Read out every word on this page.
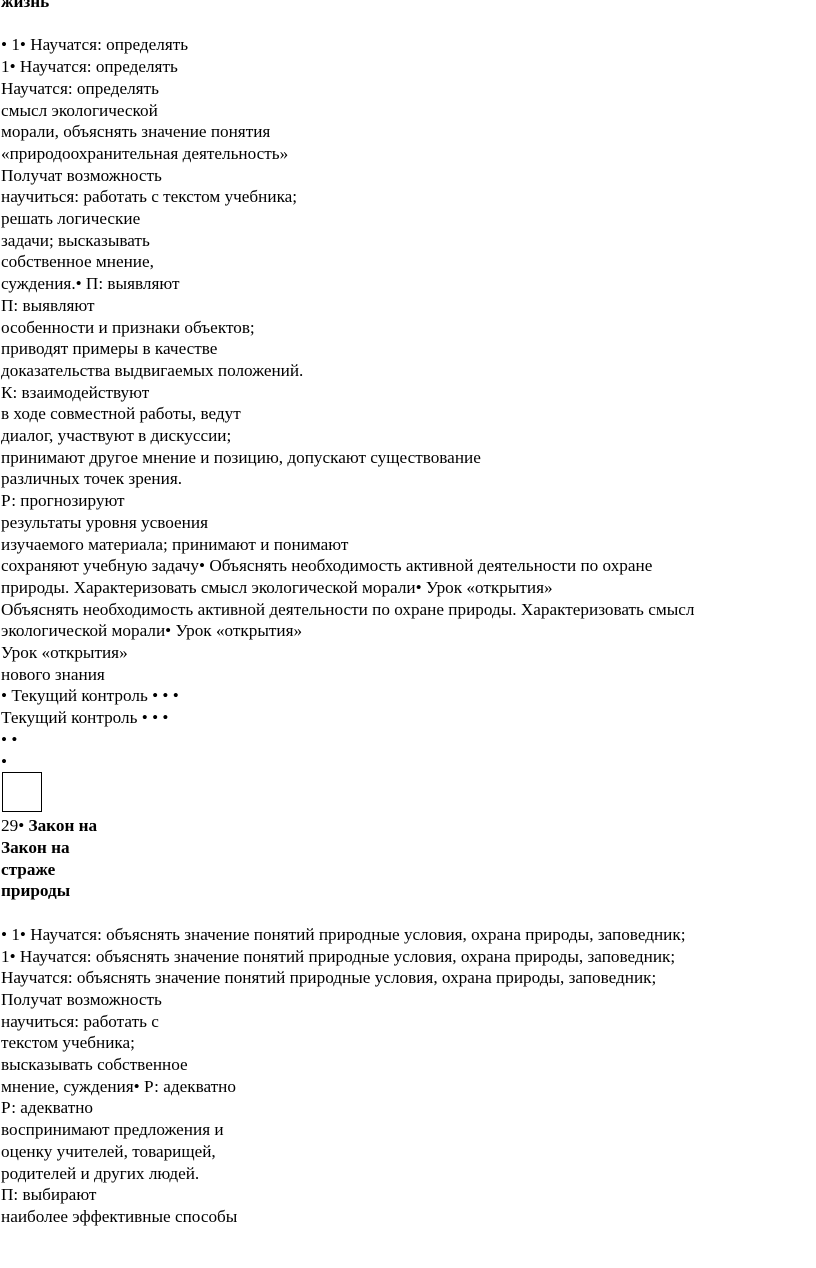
жизнь
• 1• Научатся: определять
1• Научатся: определять
Научатся: определять
смысл экологической
морали, объяснять значение понятия
«природоохранительная деятельность»
Получат возможность
научиться: работать с текстом учебника;
решать логические
задачи; высказывать
собственное мнение,
суждения.• П: выявляют
П: выявляют
особенности и признаки объектов;
приводят примеры в качестве
доказательства выдвигаемых положений.
К: взаимодействуют
в ходе совместной работы, ведут
диалог, участвуют в дискуссии;
принимают другое мнение и позицию, допускают существование
различных точек зрения.
Р: прогнозируют
результаты уровня усвоения
изучаемого материала; принимают и понимают
сохраняют учебную задачу• Объяснять необходимость активной деятельности по охране
природы. Характеризовать смысл экологической морали• Урок «открытия»
Объяснять необходимость активной деятельности по охране природы. Характеризовать смысл
экологической морали• Урок «открытия»
Урок «открытия»
нового знания
• Текущий контроль • • •
Текущий контроль • • •
• •
•
29• Закон на
Закон на
страже
природы
• 1• Научатся: объяснять значение понятий природные условия, охрана природы, заповедник;
1• Научатся: объяснять значение понятий природные условия, охрана природы, заповедник;
Научатся: объяснять значение понятий природные условия, охрана природы, заповедник;
Получат возможность
научиться: работать с
текстом учебника;
высказывать собственное
мнение, суждения• Р: адекватно
Р: адекватно
воспринимают предложения и
оценку учителей, товарищей,
родителей и других людей.
П: выбирают
наиболее эффективные способы
